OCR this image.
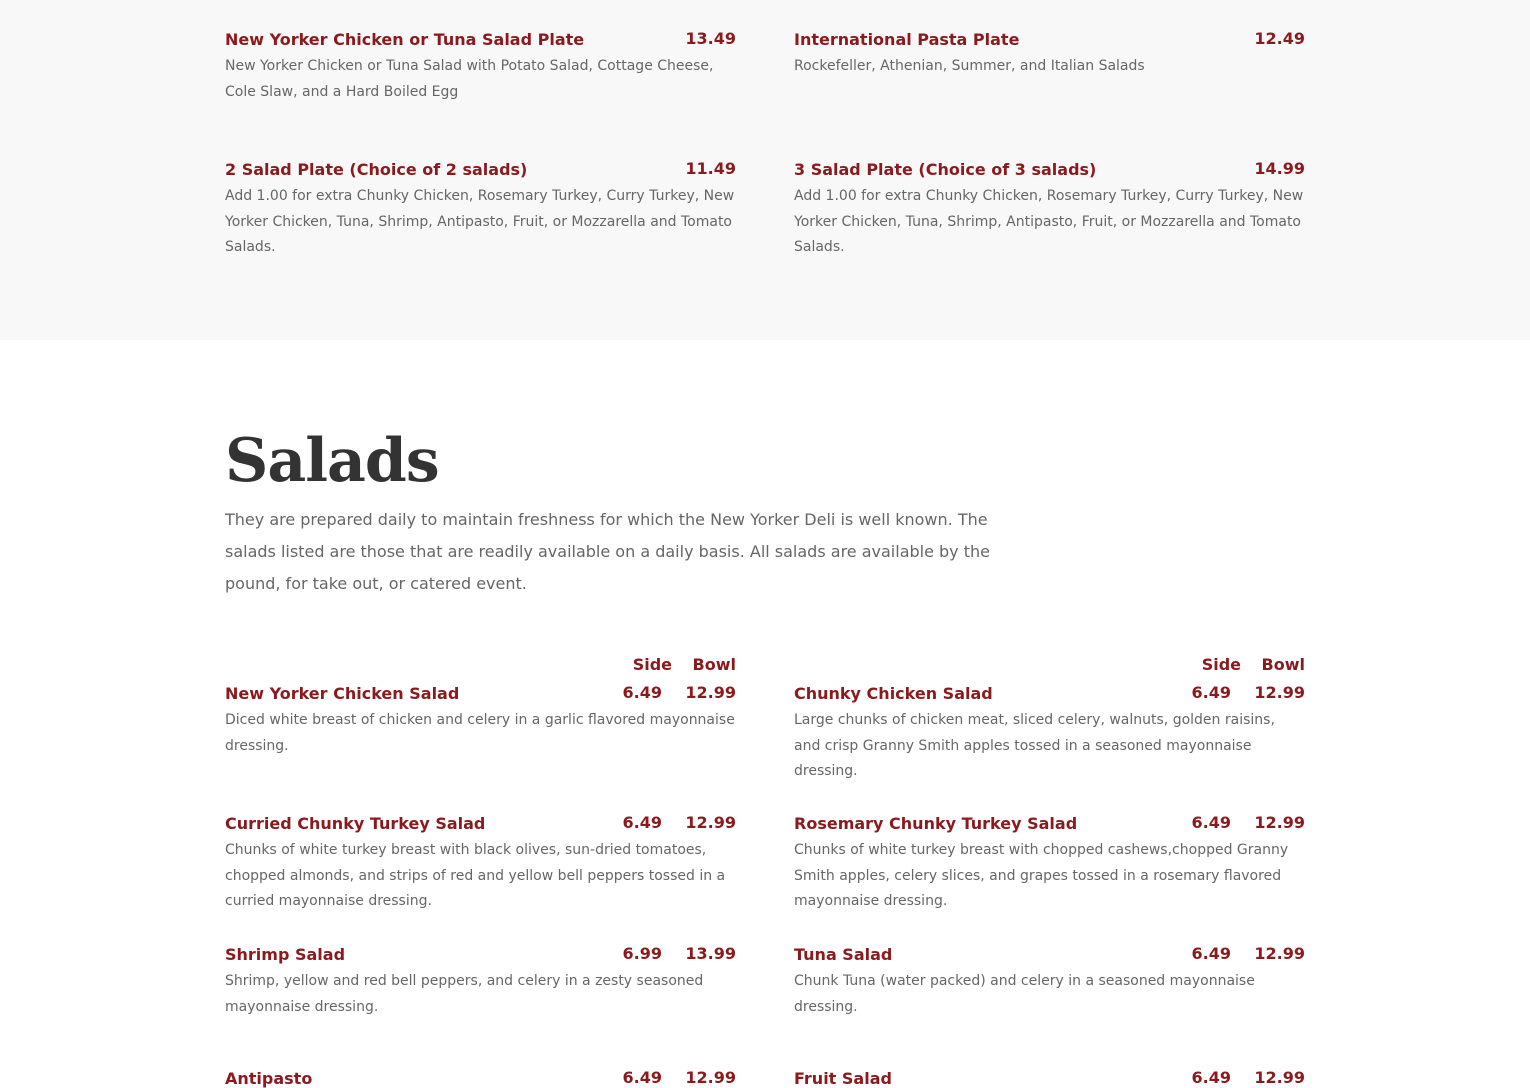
New Yorker Chicken or Tuna Salad Plate	13.49
New Yorker Chicken or Tuna Salad with Potato Salad, Cottage Cheese, Cole Slaw, and a Hard Boiled Egg
International Pasta Plate	12.49
Rockefeller, Athenian, Summer, and Italian Salads
2 Salad Plate (Choice of 2 salads)	11.49
Add 1.00 for extra Chunky Chicken, Rosemary Turkey, Curry Turkey, New Yorker Chicken, Tuna, Shrimp, Antipasto, Fruit, or Mozzarella and Tomato Salads.
3 Salad Plate (Choice of 3 salads)	14.99
Add 1.00 for extra Chunky Chicken, Rosemary Turkey, Curry Turkey, New Yorker Chicken, Tuna, Shrimp, Antipasto, Fruit, or Mozzarella and Tomato Salads.
Salads

They are prepared daily to maintain freshness for which the New Yorker Deli is well known. The salads listed are those that are readily available on a daily basis. All salads are available by the pound, for take out, or catered event.

Side Bowl	Side Bowl
New Yorker Chicken Salad	6.49 12.99
Diced white breast of chicken and celery in a garlic flavored mayonnaise dressing.
Chunky Chicken Salad	6.49 12.99
Large chunks of chicken meat, sliced celery, walnuts, golden raisins, and crisp Granny Smith apples tossed in a seasoned mayonnaise dressing.
Curried Chunky Turkey Salad	6.49 12.99
Chunks of white turkey breast with black olives, sun-dried tomatoes, chopped almonds, and strips of red and yellow bell peppers tossed in a curried mayonnaise dressing.
Rosemary Chunky Turkey Salad	6.49 12.99
Chunks of white turkey breast with chopped cashews,chopped Granny Smith apples, celery slices, and grapes tossed in a rosemary flavored mayonnaise dressing.
Shrimp Salad	6.99 13.99
Shrimp, yellow and red bell peppers, and celery in a zesty seasoned mayonnaise dressing.
Tuna Salad	6.49 12.99
Chunk Tuna (water packed) and celery in a seasoned mayonnaise dressing.
Antipasto	6.49 12.99	Fruit Salad	6.49 12.99
